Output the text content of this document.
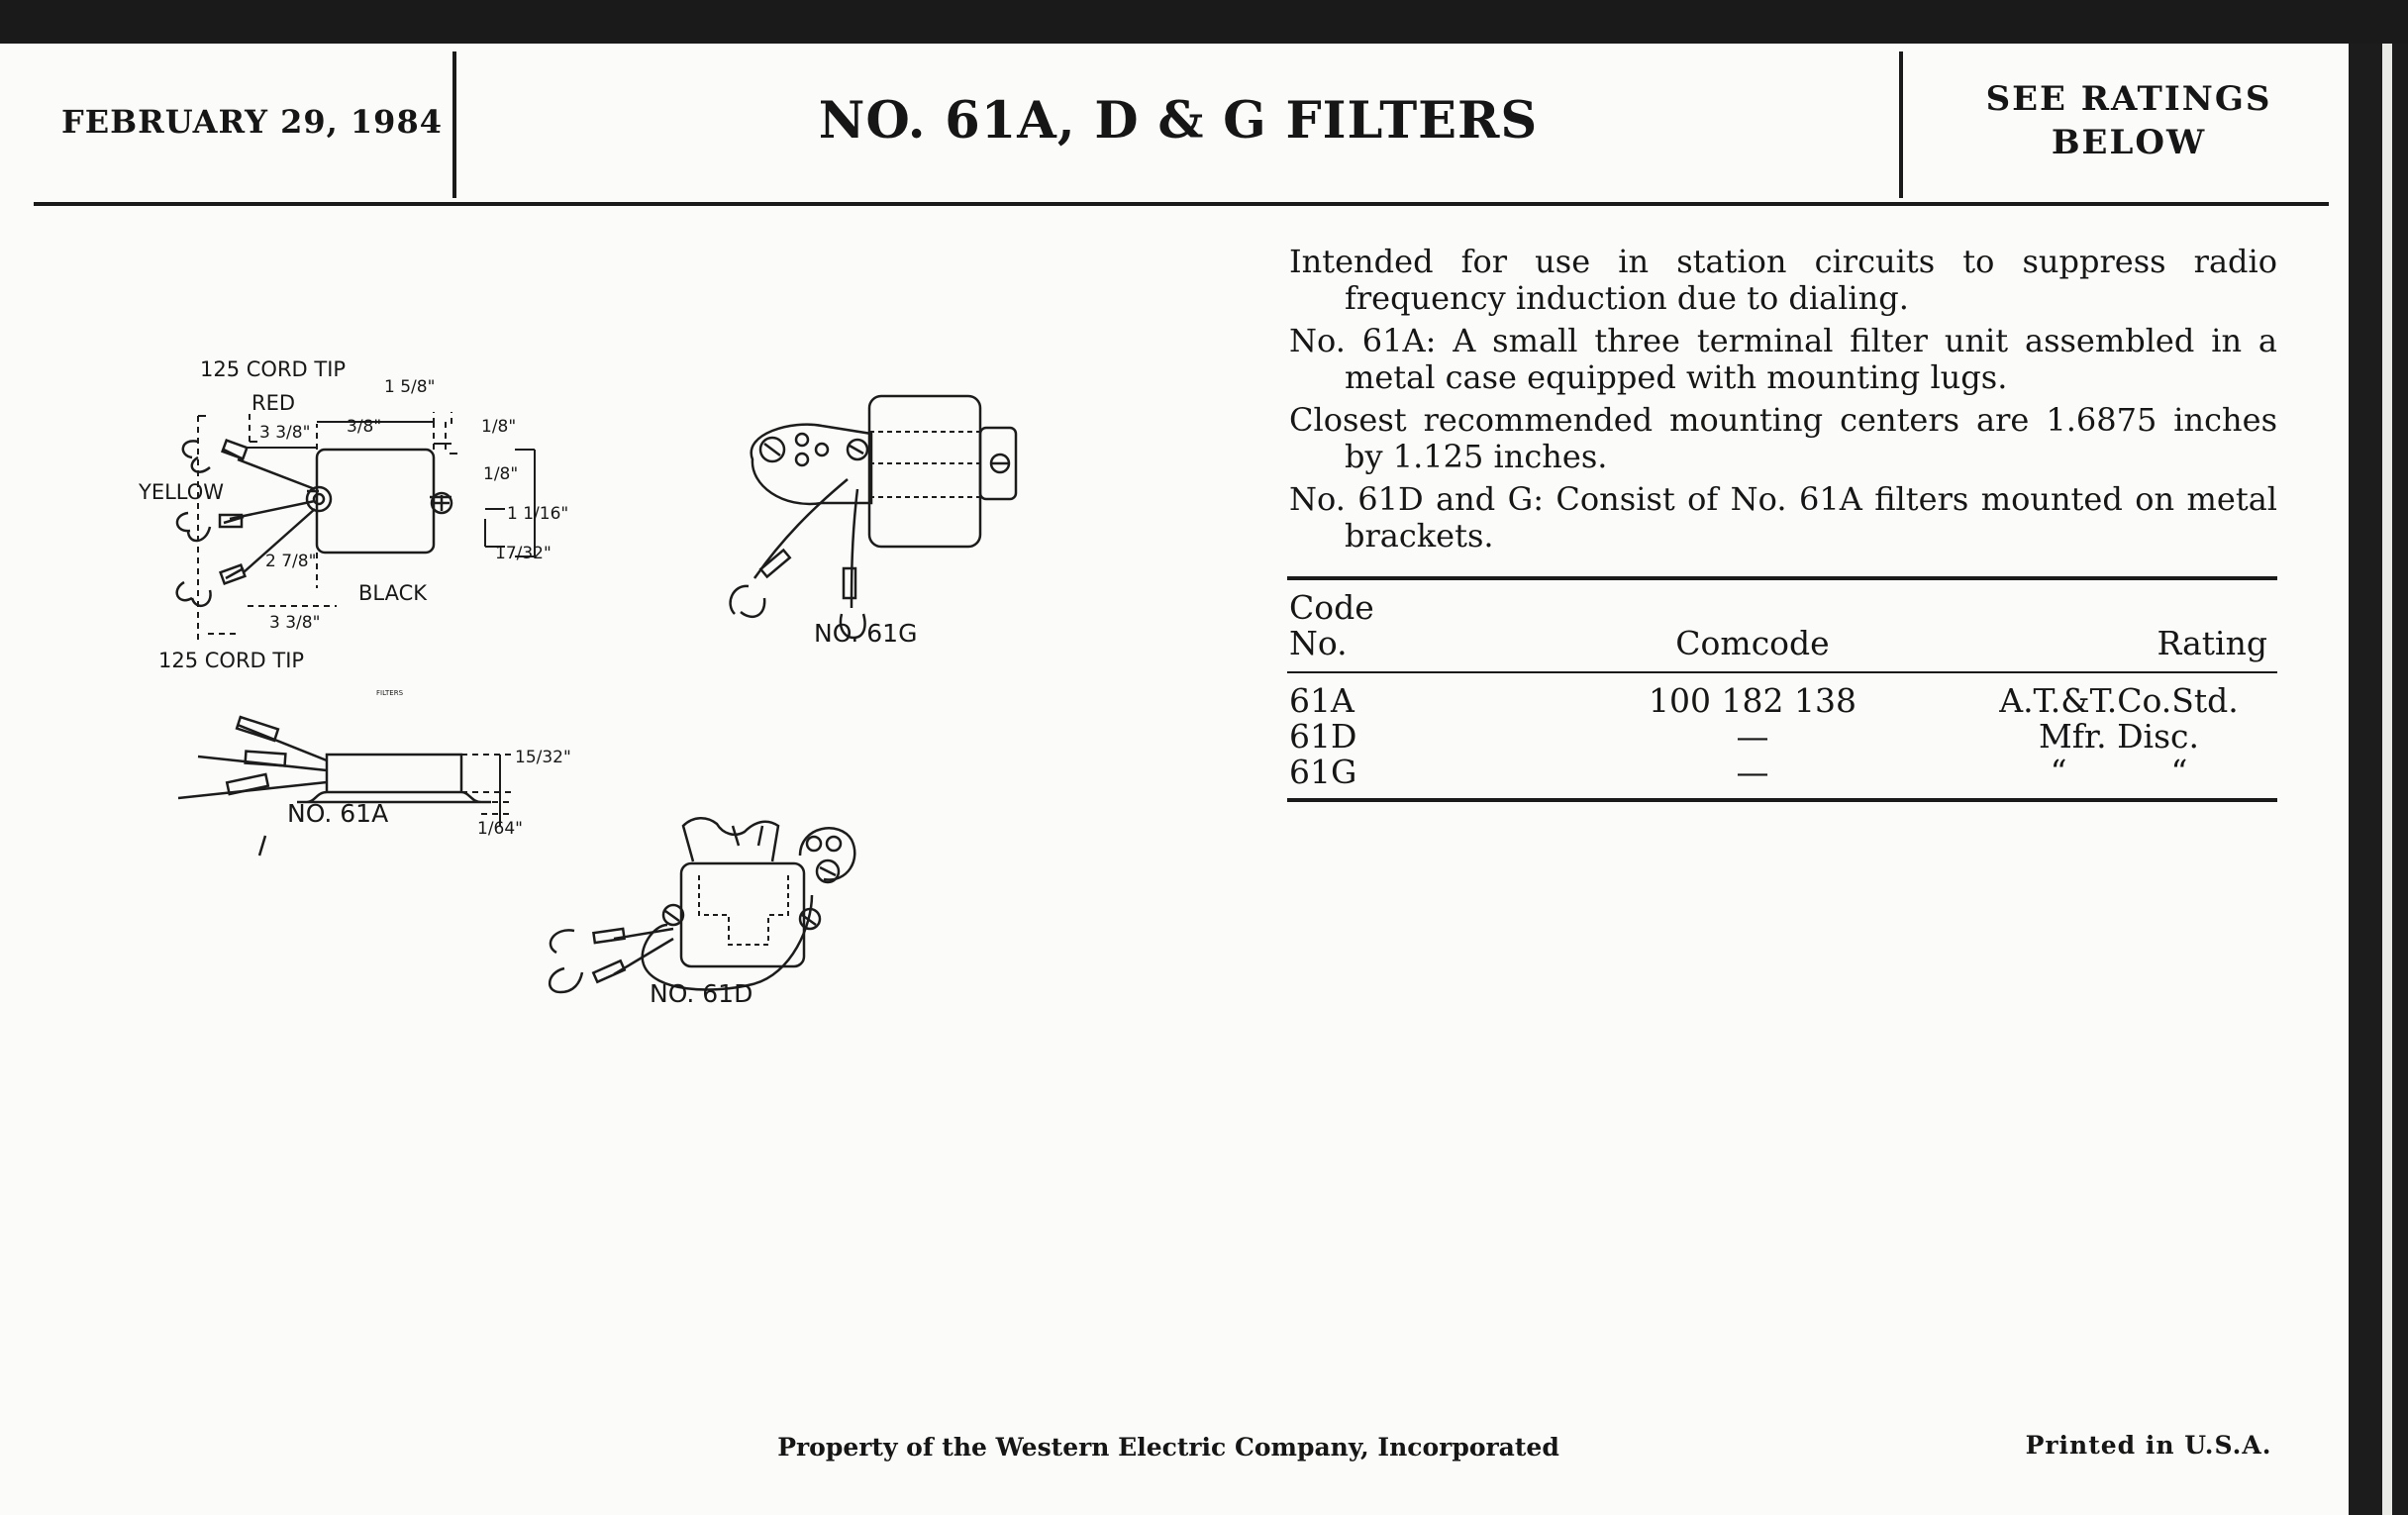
FEBRUARY 29, 1984	NO. 61A, D & G FILTERS	SEE RATINGS
BELOW

Intended for use in station circuits to suppress radio frequency induction due to dialing.

No. 61A: A small three terminal filter unit assembled in a metal case equipped with mounting lugs.

Closest recommended mounting centers are 1.6875 inches by 1.125 inches.

No. 61D and G: Consist of No. 61A filters mounted on metal brackets.

Code
No.	Comcode	Rating
61A	100 182 138	A.T.&T.Co.Std.
61D	—	Mfr. Disc.
61G	—	“          “
125 CORD TIP
RED
YELLOW
BLACK
125 CORD TIP
FILTERS
NO. 61A
NO. 61G
NO. 61D
1 5/8"
3/8"	1/8"
1/8"
1 1/16"
17/32"
3 3/8"
2 7/8"
3 3/8"
15/32"
1/64"
Property of the Western Electric Company, Incorporated	Printed in U.S.A.
